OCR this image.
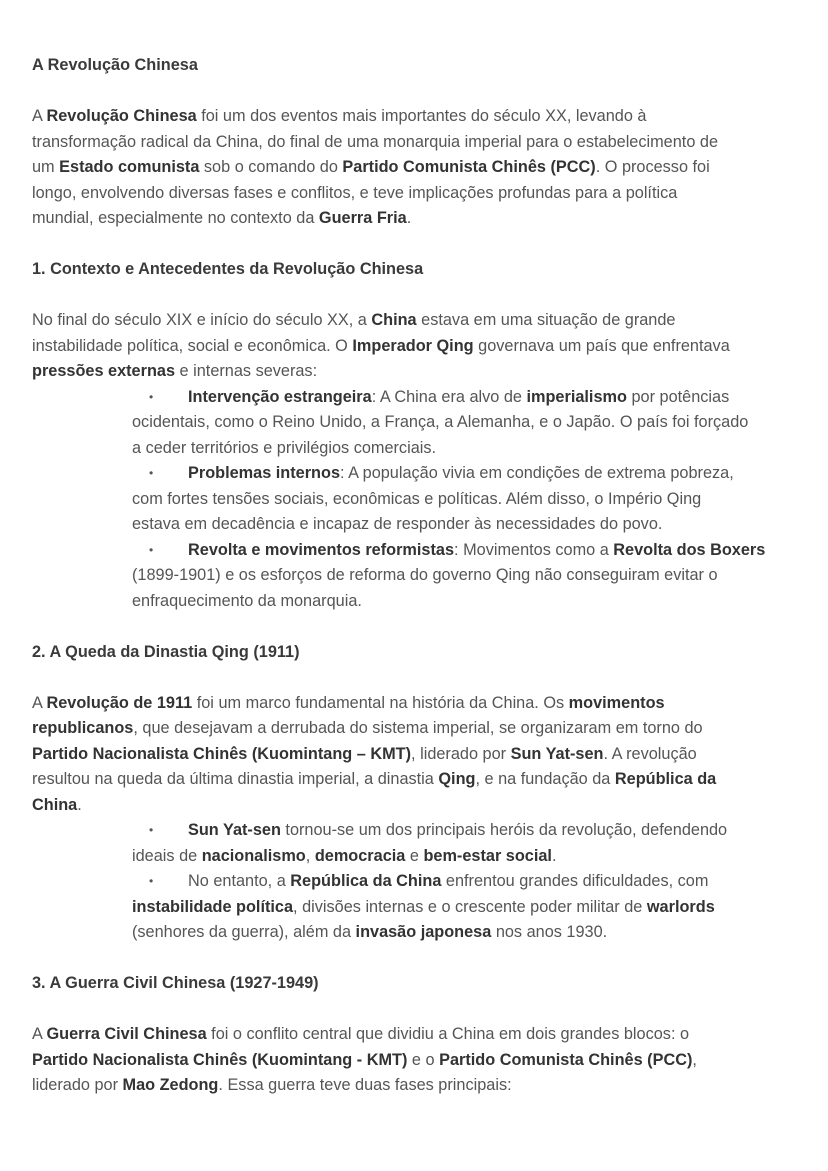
A Revolução Chinesa
A Revolução Chinesa foi um dos eventos mais importantes do século XX, levando à
transformação radical da China, do final de uma monarquia imperial para o estabelecimento de
um Estado comunista sob o comando do Partido Comunista Chinês (PCC). O processo foi
longo, envolvendo diversas fases e conflitos, e teve implicações profundas para a política
mundial, especialmente no contexto da Guerra Fria.
1. Contexto e Antecedentes da Revolução Chinesa
No final do século XIX e início do século XX, a China estava em uma situação de grande
instabilidade política, social e econômica. O Imperador Qing governava um país que enfrentava
pressões externas e internas severas:
• Intervenção estrangeira: A China era alvo de imperialismo por potências
ocidentais, como o Reino Unido, a França, a Alemanha, e o Japão. O país foi forçado
a ceder territórios e privilégios comerciais.
• Problemas internos: A população vivia em condições de extrema pobreza,
com fortes tensões sociais, econômicas e políticas. Além disso, o Império Qing
estava em decadência e incapaz de responder às necessidades do povo.
• Revolta e movimentos reformistas: Movimentos como a Revolta dos Boxers
(1899-1901) e os esforços de reforma do governo Qing não conseguiram evitar o
enfraquecimento da monarquia.
2. A Queda da Dinastia Qing (1911)
A Revolução de 1911 foi um marco fundamental na história da China. Os movimentos
republicanos, que desejavam a derrubada do sistema imperial, se organizaram em torno do
Partido Nacionalista Chinês (Kuomintang – KMT), liderado por Sun Yat-sen. A revolução
resultou na queda da última dinastia imperial, a dinastia Qing, e na fundação da República da
China.
• Sun Yat-sen tornou-se um dos principais heróis da revolução, defendendo
ideais de nacionalismo, democracia e bem-estar social.
• No entanto, a República da China enfrentou grandes dificuldades, com
instabilidade política, divisões internas e o crescente poder militar de warlords
(senhores da guerra), além da invasão japonesa nos anos 1930.
3. A Guerra Civil Chinesa (1927-1949)
A Guerra Civil Chinesa foi o conflito central que dividiu a China em dois grandes blocos: o
Partido Nacionalista Chinês (Kuomintang - KMT) e o Partido Comunista Chinês (PCC),
liderado por Mao Zedong. Essa guerra teve duas fases principais:
